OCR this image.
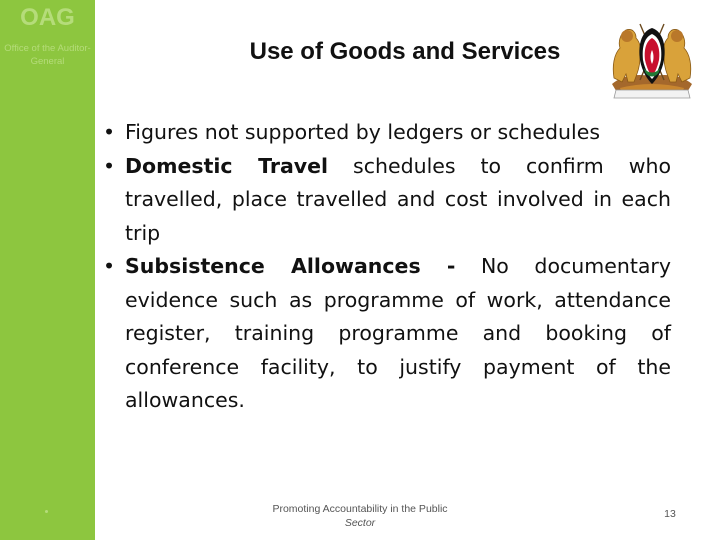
OAG
Office of the Auditor-General	Use of Goods and Services
• Figures not supported by ledgers or schedules
• Domestic Travel schedules to confirm who travelled, place travelled and cost involved in each trip
• Subsistence Allowances - No documentary evidence such as programme of work, attendance register, training programme and booking of conference facility, to justify payment of the allowances.
Promoting Accountability in the Public
Sector
13
